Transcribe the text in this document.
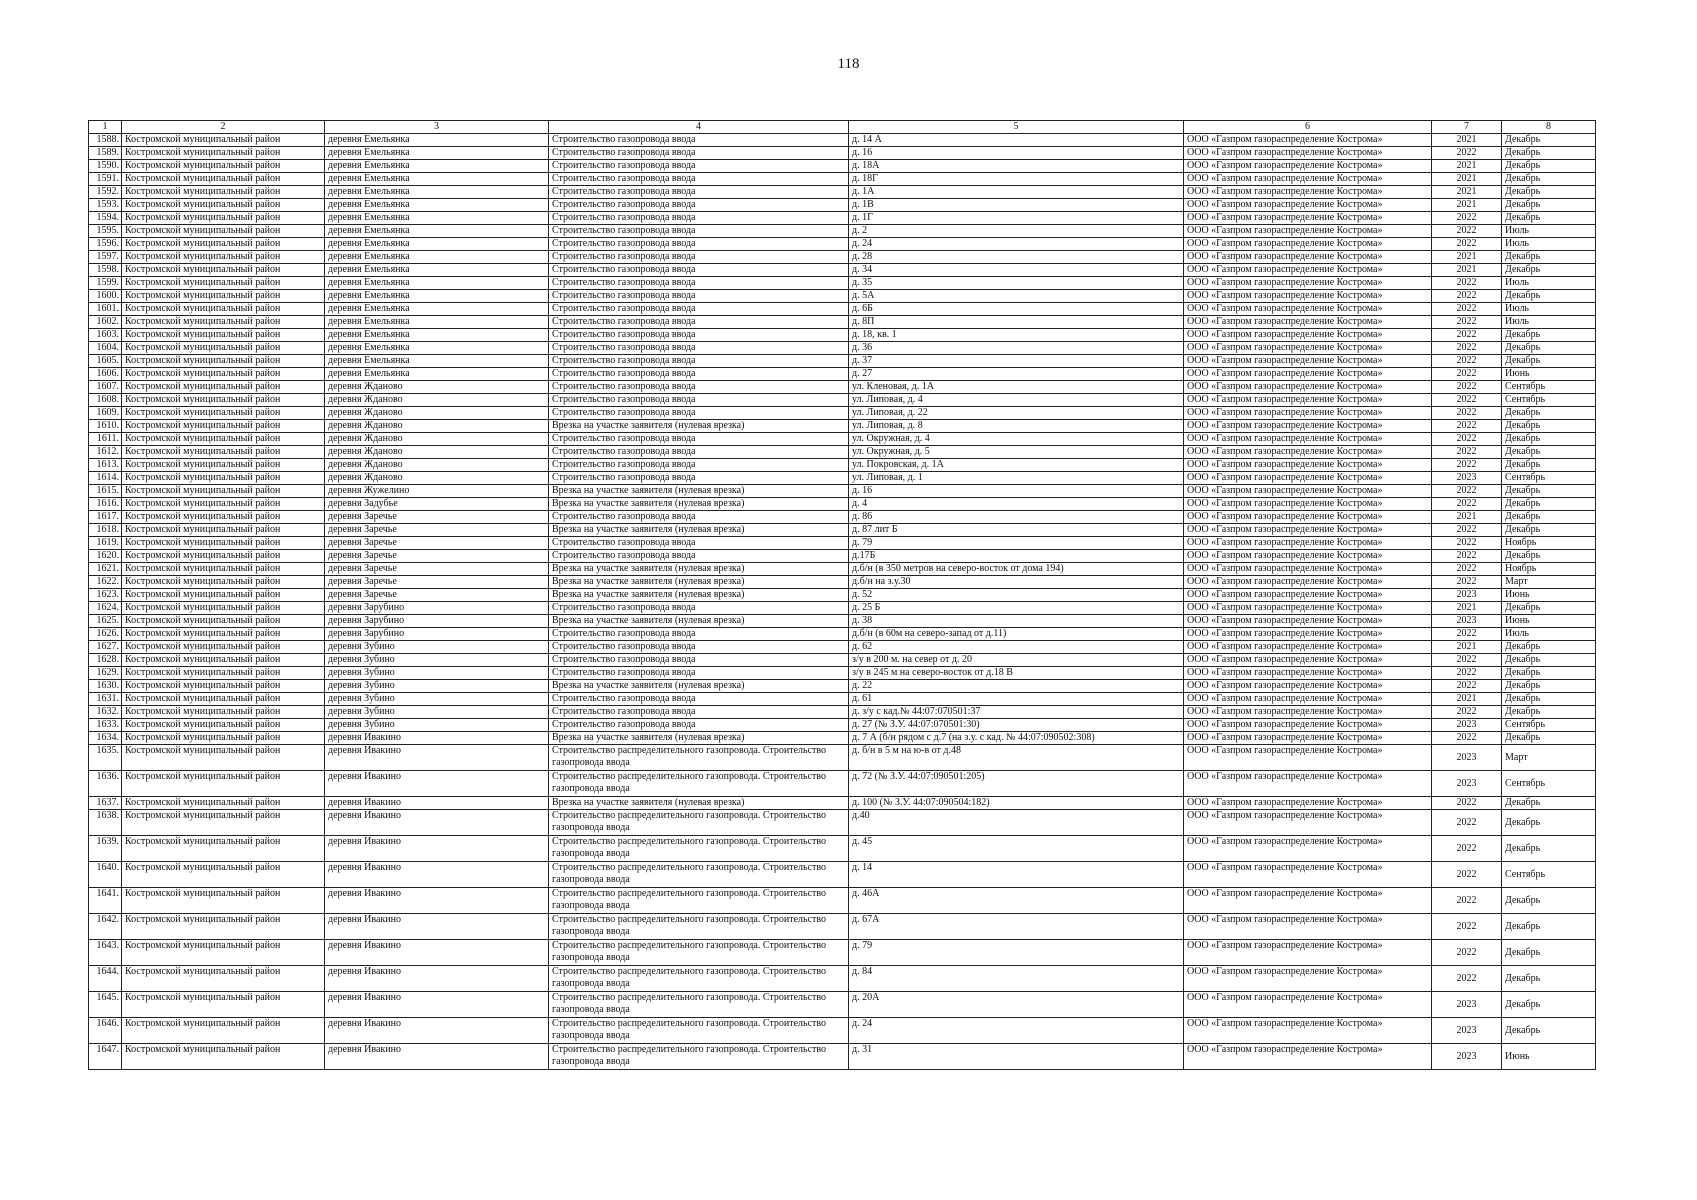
118
1	2	3	4	5	6	7	8
1588.	Костромской муниципальный район	деревня Емельянка	Строительство газопровода ввода	д. 14 А	ООО «Газпром газораспределение Кострома»	2021	Декабрь
1589.	Костромской муниципальный район	деревня Емельянка	Строительство газопровода ввода	д. 16	ООО «Газпром газораспределение Кострома»	2022	Декабрь
1590.	Костромской муниципальный район	деревня Емельянка	Строительство газопровода ввода	д. 18А	ООО «Газпром газораспределение Кострома»	2021	Декабрь
1591.	Костромской муниципальный район	деревня Емельянка	Строительство газопровода ввода	д. 18Г	ООО «Газпром газораспределение Кострома»	2021	Декабрь
1592.	Костромской муниципальный район	деревня Емельянка	Строительство газопровода ввода	д. 1А	ООО «Газпром газораспределение Кострома»	2021	Декабрь
1593.	Костромской муниципальный район	деревня Емельянка	Строительство газопровода ввода	д. 1В	ООО «Газпром газораспределение Кострома»	2021	Декабрь
1594.	Костромской муниципальный район	деревня Емельянка	Строительство газопровода ввода	д. 1Г	ООО «Газпром газораспределение Кострома»	2022	Декабрь
1595.	Костромской муниципальный район	деревня Емельянка	Строительство газопровода ввода	д. 2	ООО «Газпром газораспределение Кострома»	2022	Июль
1596.	Костромской муниципальный район	деревня Емельянка	Строительство газопровода ввода	д. 24	ООО «Газпром газораспределение Кострома»	2022	Июль
1597.	Костромской муниципальный район	деревня Емельянка	Строительство газопровода ввода	д. 28	ООО «Газпром газораспределение Кострома»	2021	Декабрь
1598.	Костромской муниципальный район	деревня Емельянка	Строительство газопровода ввода	д. 34	ООО «Газпром газораспределение Кострома»	2021	Декабрь
1599.	Костромской муниципальный район	деревня Емельянка	Строительство газопровода ввода	д. 35	ООО «Газпром газораспределение Кострома»	2022	Июль
1600.	Костромской муниципальный район	деревня Емельянка	Строительство газопровода ввода	д. 5А	ООО «Газпром газораспределение Кострома»	2022	Декабрь
1601.	Костромской муниципальный район	деревня Емельянка	Строительство газопровода ввода	д. 6Б	ООО «Газпром газораспределение Кострома»	2022	Июль
1602.	Костромской муниципальный район	деревня Емельянка	Строительство газопровода ввода	д. 8П	ООО «Газпром газораспределение Кострома»	2022	Июль
1603.	Костромской муниципальный район	деревня Емельянка	Строительство газопровода ввода	д. 18, кв. 1	ООО «Газпром газораспределение Кострома»	2022	Декабрь
1604.	Костромской муниципальный район	деревня Емельянка	Строительство газопровода ввода	д. 36	ООО «Газпром газораспределение Кострома»	2022	Декабрь
1605.	Костромской муниципальный район	деревня Емельянка	Строительство газопровода ввода	д. 37	ООО «Газпром газораспределение Кострома»	2022	Декабрь
1606.	Костромской муниципальный район	деревня Емельянка	Строительство газопровода ввода	д. 27	ООО «Газпром газораспределение Кострома»	2022	Июнь
1607.	Костромской муниципальный район	деревня Жданово	Строительство газопровода ввода	ул. Кленовая, д. 1А	ООО «Газпром газораспределение Кострома»	2022	Сентябрь
1608.	Костромской муниципальный район	деревня Жданово	Строительство газопровода ввода	ул. Липовая, д. 4	ООО «Газпром газораспределение Кострома»	2022	Сентябрь
1609.	Костромской муниципальный район	деревня Жданово	Строительство газопровода ввода	ул. Липовая, д. 22	ООО «Газпром газораспределение Кострома»	2022	Декабрь
1610.	Костромской муниципальный район	деревня Жданово	Врезка на участке заявителя (нулевая врезка)	ул. Липовая, д. 8	ООО «Газпром газораспределение Кострома»	2022	Декабрь
1611.	Костромской муниципальный район	деревня Жданово	Строительство газопровода ввода	ул. Окружная, д. 4	ООО «Газпром газораспределение Кострома»	2022	Декабрь
1612.	Костромской муниципальный район	деревня Жданово	Строительство газопровода ввода	ул. Окружная, д. 5	ООО «Газпром газораспределение Кострома»	2022	Декабрь
1613.	Костромской муниципальный район	деревня Жданово	Строительство газопровода ввода	ул. Покровская, д. 1А	ООО «Газпром газораспределение Кострома»	2022	Декабрь
1614.	Костромской муниципальный район	деревня Жданово	Строительство газопровода ввода	ул. Липовая, д. 1	ООО «Газпром газораспределение Кострома»	2023	Сентябрь
1615.	Костромской муниципальный район	деревня Жужелино	Врезка на участке заявителя (нулевая врезка)	д. 16	ООО «Газпром газораспределение Кострома»	2022	Декабрь
1616.	Костромской муниципальный район	деревня Задубье	Врезка на участке заявителя (нулевая врезка)	д. 4	ООО «Газпром газораспределение Кострома»	2022	Декабрь
1617.	Костромской муниципальный район	деревня Заречье	Строительство газопровода ввода	д. 86	ООО «Газпром газораспределение Кострома»	2021	Декабрь
1618.	Костромской муниципальный район	деревня Заречье	Врезка на участке заявителя (нулевая врезка)	д. 87 лит Б	ООО «Газпром газораспределение Кострома»	2022	Декабрь
1619.	Костромской муниципальный район	деревня Заречье	Строительство газопровода ввода	д. 79	ООО «Газпром газораспределение Кострома»	2022	Ноябрь
1620.	Костромской муниципальный район	деревня Заречье	Строительство газопровода ввода	д.17Б	ООО «Газпром газораспределение Кострома»	2022	Декабрь
1621.	Костромской муниципальный район	деревня Заречье	Врезка на участке заявителя (нулевая врезка)	д.б/н (в 350 метров на северо-восток от дома 194)	ООО «Газпром газораспределение Кострома»	2022	Ноябрь
1622.	Костромской муниципальный район	деревня Заречье	Врезка на участке заявителя (нулевая врезка)	д.б/н на з.у.30	ООО «Газпром газораспределение Кострома»	2022	Март
1623.	Костромской муниципальный район	деревня Заречье	Врезка на участке заявителя (нулевая врезка)	д. 52	ООО «Газпром газораспределение Кострома»	2023	Июнь
1624.	Костромской муниципальный район	деревня Зарубино	Строительство газопровода ввода	д. 25 Б	ООО «Газпром газораспределение Кострома»	2021	Декабрь
1625.	Костромской муниципальный район	деревня Зарубино	Врезка на участке заявителя (нулевая врезка)	д. 38	ООО «Газпром газораспределение Кострома»	2023	Июнь
1626.	Костромской муниципальный район	деревня Зарубино	Строительство газопровода ввода	д.б/н (в 60м на северо-запад от д.11)	ООО «Газпром газораспределение Кострома»	2022	Июль
1627.	Костромской муниципальный район	деревня Зубино	Строительство газопровода ввода	д. 62	ООО «Газпром газораспределение Кострома»	2021	Декабрь
1628.	Костромской муниципальный район	деревня Зубино	Строительство газопровода ввода	з/у в 200 м. на север от д. 20	ООО «Газпром газораспределение Кострома»	2022	Декабрь
1629.	Костромской муниципальный район	деревня Зубино	Строительство газопровода ввода	з/у в 245 м на северо-восток от д.18 В	ООО «Газпром газораспределение Кострома»	2022	Декабрь
1630.	Костромской муниципальный район	деревня Зубино	Врезка на участке заявителя (нулевая врезка)	д. 22	ООО «Газпром газораспределение Кострома»	2022	Декабрь
1631.	Костромской муниципальный район	деревня Зубино	Строительство газопровода ввода	д. 61	ООО «Газпром газораспределение Кострома»	2021	Декабрь
1632.	Костромской муниципальный район	деревня Зубино	Строительство газопровода ввода	д. з/у с кад.№ 44:07:070501:37	ООО «Газпром газораспределение Кострома»	2022	Декабрь
1633.	Костромской муниципальный район	деревня Зубино	Строительство газопровода ввода	д. 27 (№ З.У. 44:07:070501:30)	ООО «Газпром газораспределение Кострома»	2023	Сентябрь
1634.	Костромской муниципальный район	деревня Ивакино	Врезка на участке заявителя (нулевая врезка)	д. 7 А (б/н рядом с д.7 (на з.у. с кад. № 44:07:090502:308)	ООО «Газпром газораспределение Кострома»	2022	Декабрь
1635.	Костромской муниципальный район	деревня Ивакино	Строительство распределительного газопровода. Строительство газопровода ввода	д. б/н в 5 м на ю-в от д.48	ООО «Газпром газораспределение Кострома»	2023	Март
1636.	Костромской муниципальный район	деревня Ивакино	Строительство распределительного газопровода. Строительство газопровода ввода	д. 72 (№ З.У. 44:07:090501:205)	ООО «Газпром газораспределение Кострома»	2023	Сентябрь
1637.	Костромской муниципальный район	деревня Ивакино	Врезка на участке заявителя (нулевая врезка)	д. 100 (№ З.У. 44:07:090504:182)	ООО «Газпром газораспределение Кострома»	2022	Декабрь
1638.	Костромской муниципальный район	деревня Ивакино	Строительство распределительного газопровода. Строительство газопровода ввода	д.40	ООО «Газпром газораспределение Кострома»	2022	Декабрь
1639.	Костромской муниципальный район	деревня Ивакино	Строительство распределительного газопровода. Строительство газопровода ввода	д. 45	ООО «Газпром газораспределение Кострома»	2022	Декабрь
1640.	Костромской муниципальный район	деревня Ивакино	Строительство распределительного газопровода. Строительство газопровода ввода	д. 14	ООО «Газпром газораспределение Кострома»	2022	Сентябрь
1641.	Костромской муниципальный район	деревня Ивакино	Строительство распределительного газопровода. Строительство газопровода ввода	д. 46А	ООО «Газпром газораспределение Кострома»	2022	Декабрь
1642.	Костромской муниципальный район	деревня Ивакино	Строительство распределительного газопровода. Строительство газопровода ввода	д. 67А	ООО «Газпром газораспределение Кострома»	2022	Декабрь
1643.	Костромской муниципальный район	деревня Ивакино	Строительство распределительного газопровода. Строительство газопровода ввода	д. 79	ООО «Газпром газораспределение Кострома»	2022	Декабрь
1644.	Костромской муниципальный район	деревня Ивакино	Строительство распределительного газопровода. Строительство газопровода ввода	д. 84	ООО «Газпром газораспределение Кострома»	2022	Декабрь
1645.	Костромской муниципальный район	деревня Ивакино	Строительство распределительного газопровода. Строительство газопровода ввода	д. 20А	ООО «Газпром газораспределение Кострома»	2023	Декабрь
1646.	Костромской муниципальный район	деревня Ивакино	Строительство распределительного газопровода. Строительство газопровода ввода	д. 24	ООО «Газпром газораспределение Кострома»	2023	Декабрь
1647.	Костромской муниципальный район	деревня Ивакино	Строительство распределительного газопровода. Строительство газопровода ввода	д. 31	ООО «Газпром газораспределение Кострома»	2023	Июнь
